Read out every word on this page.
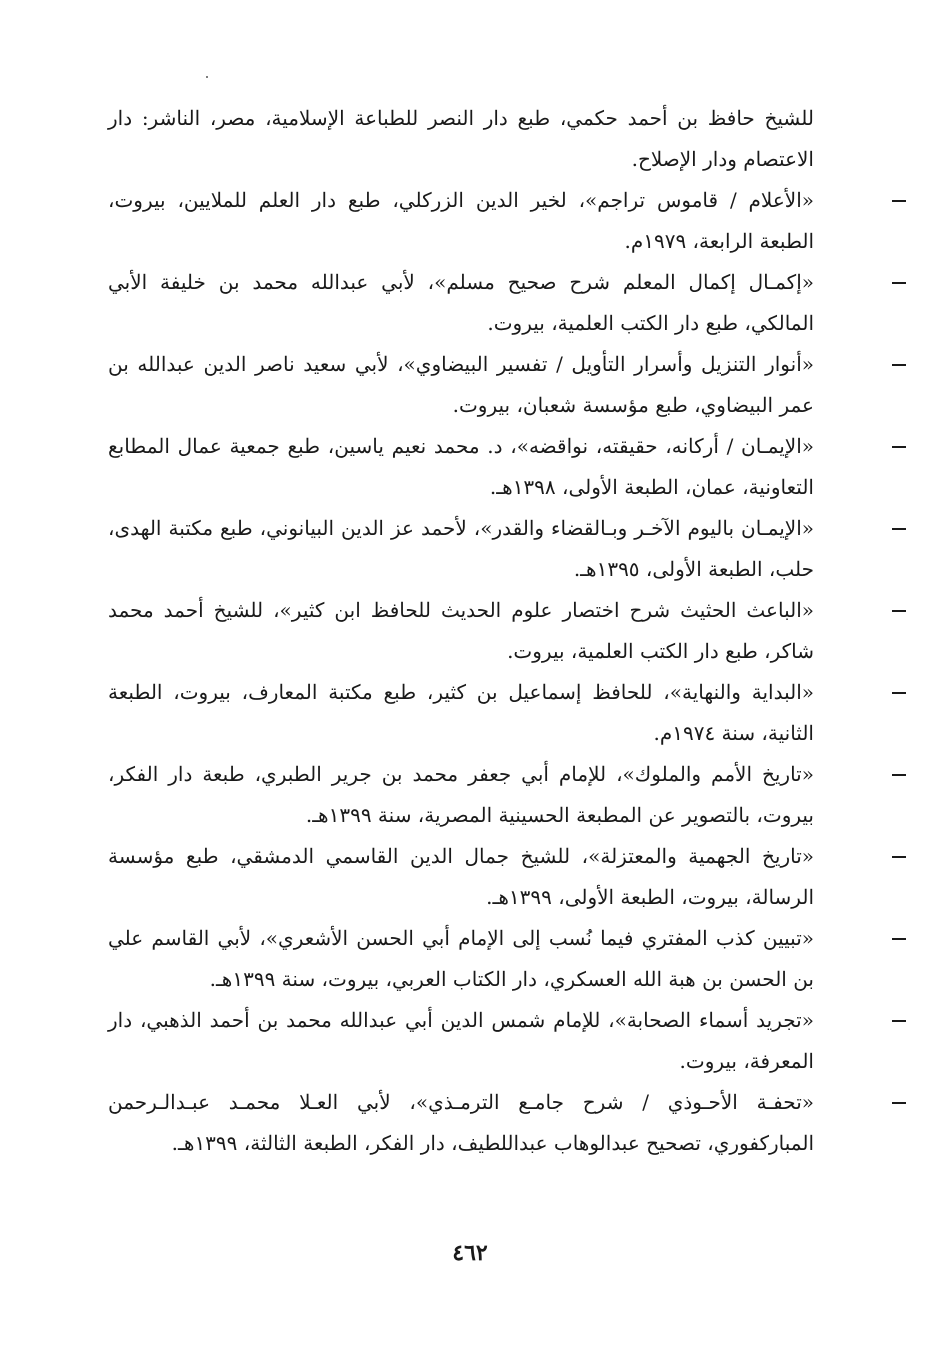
للشيخ حافظ بن أحمد حكمي، طبع دار النصر للطباعة الإسلامية، مصر، الناشر: دار الاعتصام ودار الإصلاح.

«الأعلام / قاموس تراجم»، لخير الدين الزركلي، طبع دار العلم للملايين، بيروت، الطبعة الرابعة، ١٩٧٩م.

«إكمـال إكمال المعلم شرح صحيح مسلم»، لأبي عبدالله محمد بن خليفة الأبي المالكي، طبع دار الكتب العلمية، بيروت.

«أنوار التنزيل وأسرار التأويل / تفسير البيضاوي»، لأبي سعيد ناصر الدين عبدالله بن عمر البيضاوي، طبع مؤسسة شعبان، بيروت.

«الإيمـان / أركانه، حقيقته، نواقضه»، د. محمد نعيم ياسين، طبع جمعية عمال المطابع التعاونية، عمان، الطبعة الأولى، ١٣٩٨هـ.

«الإيمـان باليوم الآخـر وبـالقضاء والقدر»، لأحمد عز الدين البيانوني، طبع مكتبة الهدى، حلب، الطبعة الأولى، ١٣٩٥هـ.

«الباعث الحثيث شرح اختصار علوم الحديث للحافظ ابن كثير»، للشيخ أحمد محمد شاكر، طبع دار الكتب العلمية، بيروت.

«البداية والنهاية»، للحافظ إسماعيل بن كثير، طبع مكتبة المعارف، بيروت، الطبعة الثانية، سنة ١٩٧٤م.

«تاريخ الأمم والملوك»، للإمام أبي جعفر محمد بن جرير الطبري، طبعة دار الفكر، بيروت، بالتصوير عن المطبعة الحسينية المصرية، سنة ١٣٩٩هـ.

«تاريخ الجهمية والمعتزلة»، للشيخ جمال الدين القاسمي الدمشقي، طبع مؤسسة الرسالة، بيروت، الطبعة الأولى، ١٣٩٩هـ.

«تبيين كذب المفتري فيما نُسب إلى الإمام أبي الحسن الأشعري»، لأبي القاسم علي بن الحسن بن هبة الله العسكري، دار الكتاب العربي، بيروت، سنة ١٣٩٩هـ.

«تجريد أسماء الصحابة»، للإمام شمس الدين أبي عبدالله محمد بن أحمد الذهبي، دار المعرفة، بيروت.

«تحفـة الأحـوذي / شرح جامـع الترمـذي»، لأبي العـلا محمـد عبـدالـرحمن المباركفوري، تصحيح عبدالوهاب عبداللطيف، دار الفكر، الطبعة الثالثة، ١٣٩٩هـ.

٤٦٢
